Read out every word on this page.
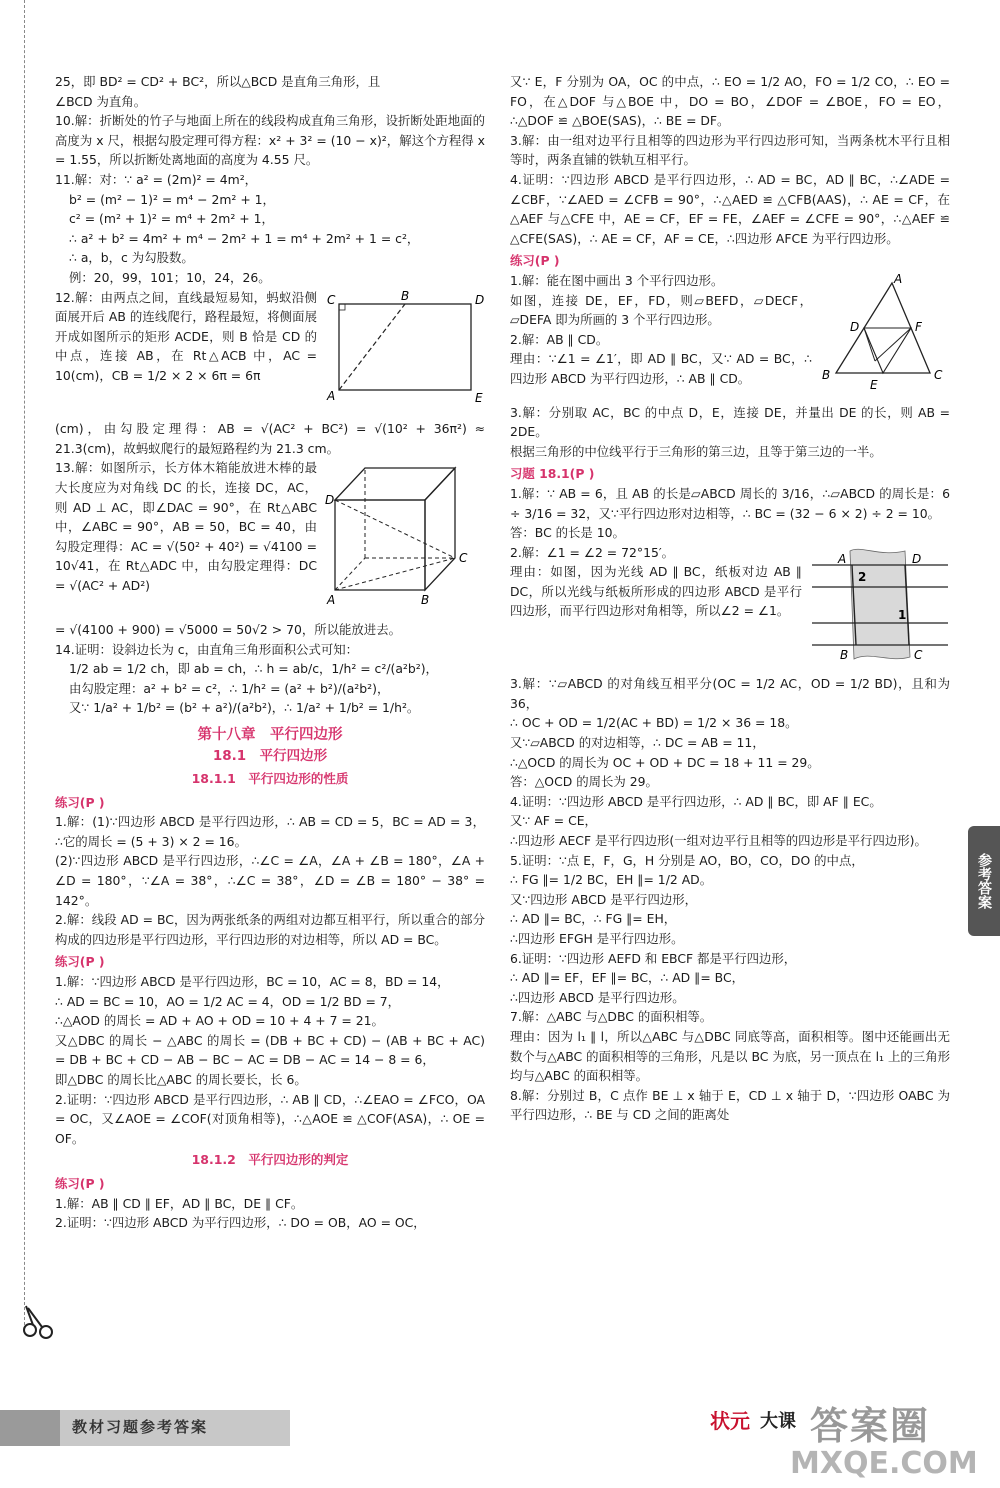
25，即 BD² = CD² + BC²，所以△BCD 是直角三角形，且

∠BCD 为直角。

10.解：折断处的竹子与地面上所在的线段构成直角三角形，设折断处距地面的高度为 x 尺，根据勾股定理可得方程：x² + 3² = (10 − x)²，解这个方程得 x = 1.55，所以折断处离地面的高度为 4.55 尺。

11.解：对：∵ a² = (2m)² = 4m²，

b² = (m² − 1)² = m⁴ − 2m² + 1，

c² = (m² + 1)² = m⁴ + 2m² + 1，

∴ a² + b² = 4m² + m⁴ − 2m² + 1 = m⁴ + 2m² + 1 = c²，

∴ a，b，c 为勾股数。

例：20，99，101；10，24，26。

C	B	D
A	E

12.解：由两点之间，直线最短易知，蚂蚁沿侧面展开后 AB 的连线爬行，路程最短，将侧面展开成如图所示的矩形 ACDE，则 B 恰是 CD 的中点，连接 AB，在 Rt△ACB 中，AC = 10(cm)，CB = 1/2 × 2 × 6π = 6π

(cm)，由勾股定理得：AB = √(AC² + BC²) = √(10² + 36π²) ≈ 21.3(cm)，故蚂蚁爬行的最短路程约为 21.3 cm。

D
C
A	B

13.解：如图所示，长方体木箱能放进木棒的最大长度应为对角线 DC 的长，连接 DC，AC，则 AD ⊥ AC，即∠DAC = 90°，在 Rt△ABC 中，∠ABC = 90°，AB = 50，BC = 40，由勾股定理得：AC = √(50² + 40²) = √4100 = 10√41，在 Rt△ADC 中，由勾股定理得：DC = √(AC² + AD²)

= √(4100 + 900) = √5000 = 50√2 > 70，所以能放进去。

14.证明：设斜边长为 c，由直角三角形面积公式可知：

1/2 ab = 1/2 ch，即 ab = ch，∴ h = ab/c，1/h² = c²/(a²b²)，

由勾股定理：a² + b² = c²，∴ 1/h² = (a² + b²)/(a²b²)，

又∵ 1/a² + 1/b² = (b² + a²)/(a²b²)，∴ 1/a² + 1/b² = 1/h²。

第十八章　平行四边形
18.1　平行四边形
18.1.1　平行四边形的性质
练习(P )

1.解：(1)∵四边形 ABCD 是平行四边形，∴ AB = CD = 5，BC = AD = 3，∴它的周长 = (5 + 3) × 2 = 16。

(2)∵四边形 ABCD 是平行四边形，∴∠C = ∠A，∠A + ∠B = 180°，∠A + ∠D = 180°，∵∠A = 38°，∴∠C = 38°，∠D = ∠B = 180° − 38° = 142°。

2.解：线段 AD = BC，因为两张纸条的两组对边都互相平行，所以重合的部分构成的四边形是平行四边形，平行四边形的对边相等，所以 AD = BC。

练习(P )

1.解：∵四边形 ABCD 是平行四边形，BC = 10，AC = 8，BD = 14，

∴ AD = BC = 10，AO = 1/2 AC = 4，OD = 1/2 BD = 7，

∴△AOD 的周长 = AD + AO + OD = 10 + 4 + 7 = 21。

又△DBC 的周长 − △ABC 的周长 = (DB + BC + CD) − (AB + BC + AC) = DB + BC + CD − AB − BC − AC = DB − AC = 14 − 8 = 6，

即△DBC 的周长比△ABC 的周长要长，长 6。

2.证明：∵四边形 ABCD 是平行四边形，∴ AB ∥ CD，∴∠EAO = ∠FCO，OA = OC，又∠AOE = ∠COF(对顶角相等)，∴△AOE ≌ △COF(ASA)，∴ OE = OF。

18.1.2　平行四边形的判定
练习(P )

1.解：AB ∥ CD ∥ EF，AD ∥ BC，DE ∥ CF。

2.证明：∵四边形 ABCD 为平行四边形，∴ DO = OB，AO = OC，

又∵ E，F 分别为 OA，OC 的中点，∴ EO = 1/2 AO，FO = 1/2 CO，∴ EO = FO，在△DOF 与△BOE 中，DO = BO，∠DOF = ∠BOE，FO = EO，∴△DOF ≌ △BOE(SAS)，∴ BE = DF。

3.解：由一组对边平行且相等的四边形为平行四边形可知，当两条枕木平行且相等时，两条直铺的铁轨互相平行。

4.证明：∵四边形 ABCD 是平行四边形，∴ AD = BC，AD ∥ BC，∴∠ADE = ∠CBF，∵∠AED = ∠CFB = 90°，∴△AED ≌ △CFB(AAS)，∴ AE = CF，在△AEF 与△CFE 中，AE = CF，EF = FE，∠AEF = ∠CFE = 90°，∴△AEF ≌ △CFE(SAS)，∴ AE = CF，AF = CE，∴四边形 AFCE 为平行四边形。

练习(P )
A
D	F
B
E
C

1.解：能在图中画出 3 个平行四边形。

如图，连接 DE，EF，FD，则▱BEFD，▱DECF，▱DEFA 即为所画的 3 个平行四边形。

2.解：AB ∥ CD。

理由：∵∠1 = ∠1′，即 AD ∥ BC，又∵ AD = BC，∴四边形 ABCD 为平行四边形，∴ AB ∥ CD。

3.解：分别取 AC，BC 的中点 D，E，连接 DE，并量出 DE 的长，则 AB = 2DE。

根据三角形的中位线平行于三角形的第三边，且等于第三边的一半。

习题 18.1(P )

1.解：∵ AB = 6，且 AB 的长是▱ABCD 周长的 3/16，∴▱ABCD 的周长是：6 ÷ 3/16 = 32，又∵平行四边形对边相等，∴ BC = (32 − 6 × 2) ÷ 2 = 10。

答：BC 的长是 10。

A	D
B	C
1
2

2.解：∠1 = ∠2 = 72°15′。

理由：如图，因为光线 AD ∥ BC，纸板对边 AB ∥ DC，所以光线与纸板所形成的四边形 ABCD 是平行四边形，而平行四边形对角相等，所以∠2 = ∠1。

3.解：∵▱ABCD 的对角线互相平分(OC = 1/2 AC，OD = 1/2 BD)，且和为 36，

∴ OC + OD = 1/2(AC + BD) = 1/2 × 36 = 18。

又∵▱ABCD 的对边相等，∴ DC = AB = 11，

∴△OCD 的周长为 OC + OD + DC = 18 + 11 = 29。

答：△OCD 的周长为 29。

4.证明：∵四边形 ABCD 是平行四边形，∴ AD ∥ BC，即 AF ∥ EC。

又∵ AF = CE，

∴四边形 AECF 是平行四边形(一组对边平行且相等的四边形是平行四边形)。

5.证明：∵点 E，F，G，H 分别是 AO，BO，CO，DO 的中点，

∴ FG ∥= 1/2 BC，EH ∥= 1/2 AD。

又∵四边形 ABCD 是平行四边形，

∴ AD ∥= BC，∴ FG ∥= EH，

∴四边形 EFGH 是平行四边形。

6.证明：∵四边形 AEFD 和 EBCF 都是平行四边形，

∴ AD ∥= EF，EF ∥= BC，∴ AD ∥= BC，

∴四边形 ABCD 是平行四边形。

7.解：△ABC 与△DBC 的面积相等。

理由：因为 l₁ ∥ l，所以△ABC 与△DBC 同底等高，面积相等。图中还能画出无数个与△ABC 的面积相等的三角形，凡是以 BC 为底，另一顶点在 l₁ 上的三角形均与△ABC 的面积相等。

8.解：分别过 B，C 点作 BE ⊥ x 轴于 E，CD ⊥ x 轴于 D，∵四边形 OABC 为平行四边形，∴ BE 与 CD 之间的距离处

参考答案
教材习题参考答案	状元 大课 答案圈
MXQE.COM
